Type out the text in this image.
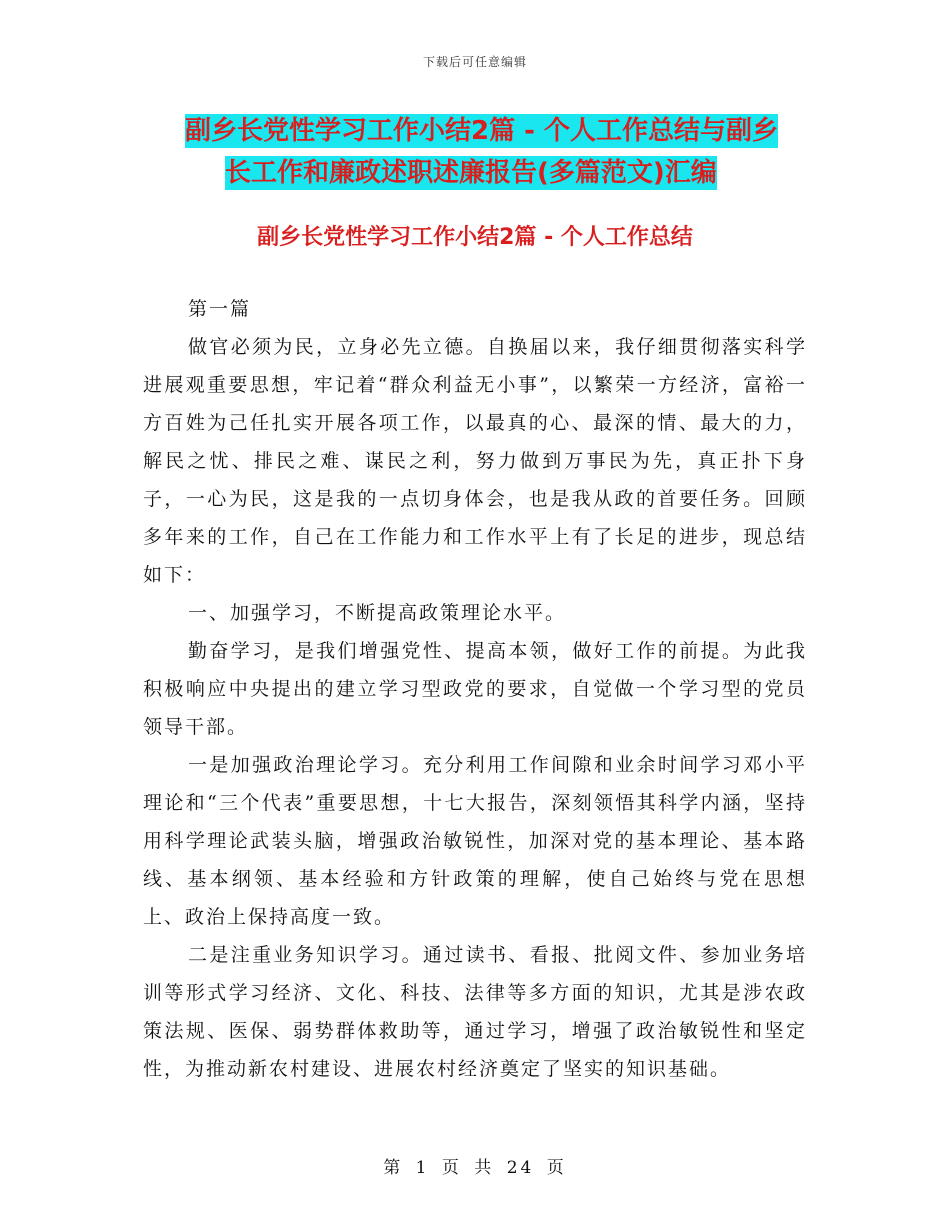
下载后可任意编辑
副乡长党性学习工作小结2篇 - 个人工作总结与副乡
长工作和廉政述职述廉报告(多篇范文)汇编
副乡长党性学习工作小结2篇 - 个人工作总结

第一篇

做官必须为民，立身必先立德。自换届以来，我仔细贯彻落实科学进展观重要思想，牢记着“群众利益无小事”，以繁荣一方经济，富裕一方百姓为己任扎实开展各项工作，以最真的心、最深的情、最大的力，解民之忧、排民之难、谋民之利，努力做到万事民为先，真正扑下身子，一心为民，这是我的一点切身体会，也是我从政的首要任务。回顾多年来的工作，自己在工作能力和工作水平上有了长足的进步，现总结如下：

一、加强学习，不断提高政策理论水平。

勤奋学习，是我们增强党性、提高本领，做好工作的前提。为此我积极响应中央提出的建立学习型政党的要求，自觉做一个学习型的党员领导干部。

一是加强政治理论学习。充分利用工作间隙和业余时间学习邓小平理论和“三个代表”重要思想，十七大报告，深刻领悟其科学内涵，坚持用科学理论武装头脑，增强政治敏锐性，加深对党的基本理论、基本路线、基本纲领、基本经验和方针政策的理解，使自己始终与党在思想上、政治上保持高度一致。

二是注重业务知识学习。通过读书、看报、批阅文件、参加业务培训等形式学习经济、文化、科技、法律等多方面的知识，尤其是涉农政策法规、医保、弱势群体救助等，通过学习，增强了政治敏锐性和坚定性，为推动新农村建设、进展农村经济奠定了坚实的知识基础。

第 1 页 共 24 页
